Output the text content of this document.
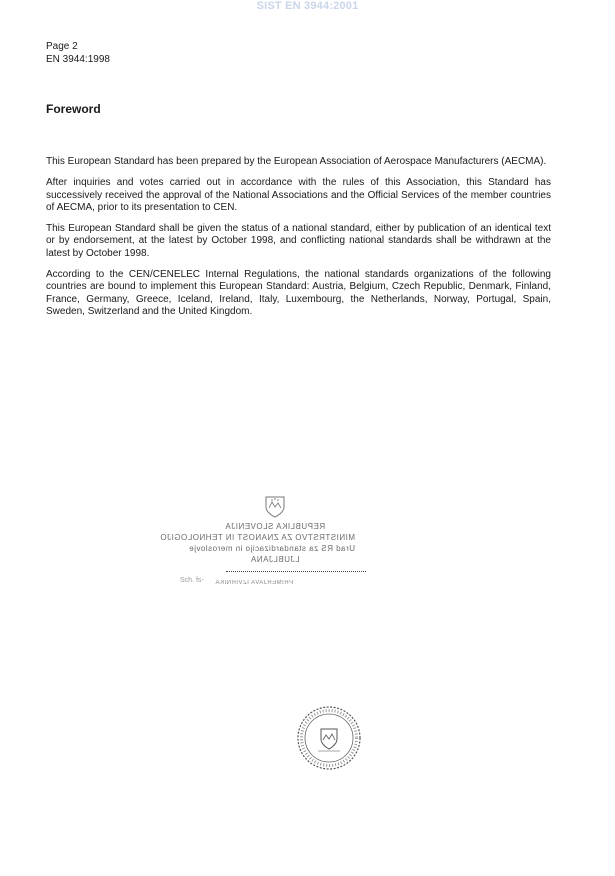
SIST EN 3944:2001
Page 2
EN 3944:1998
Foreword

This European Standard has been prepared by the European Association of Aerospace Manufacturers (AECMA).

After inquiries and votes carried out in accordance with the rules of this Association, this Standard has successively received the approval of the National Associations and the Official Services of the member countries of AECMA, prior to its presentation to CEN.

This European Standard shall be given the status of a national standard, either by publication of an identical text or by endorsement, at the latest by October 1998, and conflicting national standards shall be withdrawn at the latest by October 1998.

According to the CEN/CENELEC Internal Regulations, the national standards organizations of the following countries are bound to implement this European Standard: Austria, Belgium, Czech Republic, Denmark, Finland, France, Germany, Greece, Iceland, Ireland, Italy, Luxembourg, the Netherlands, Norway, Portugal, Spain, Sweden, Switzerland and the United Kingdom.

REPUBLIKA SLOVENIJA
MINISTRSTVO ZA ZNANOST IN TEHNOLOGIJO
Urad RS za standardizacijo in meroslovje
LJUBLJANA
Sch. fs- PRIMERJAVA IZVIRNIKA
